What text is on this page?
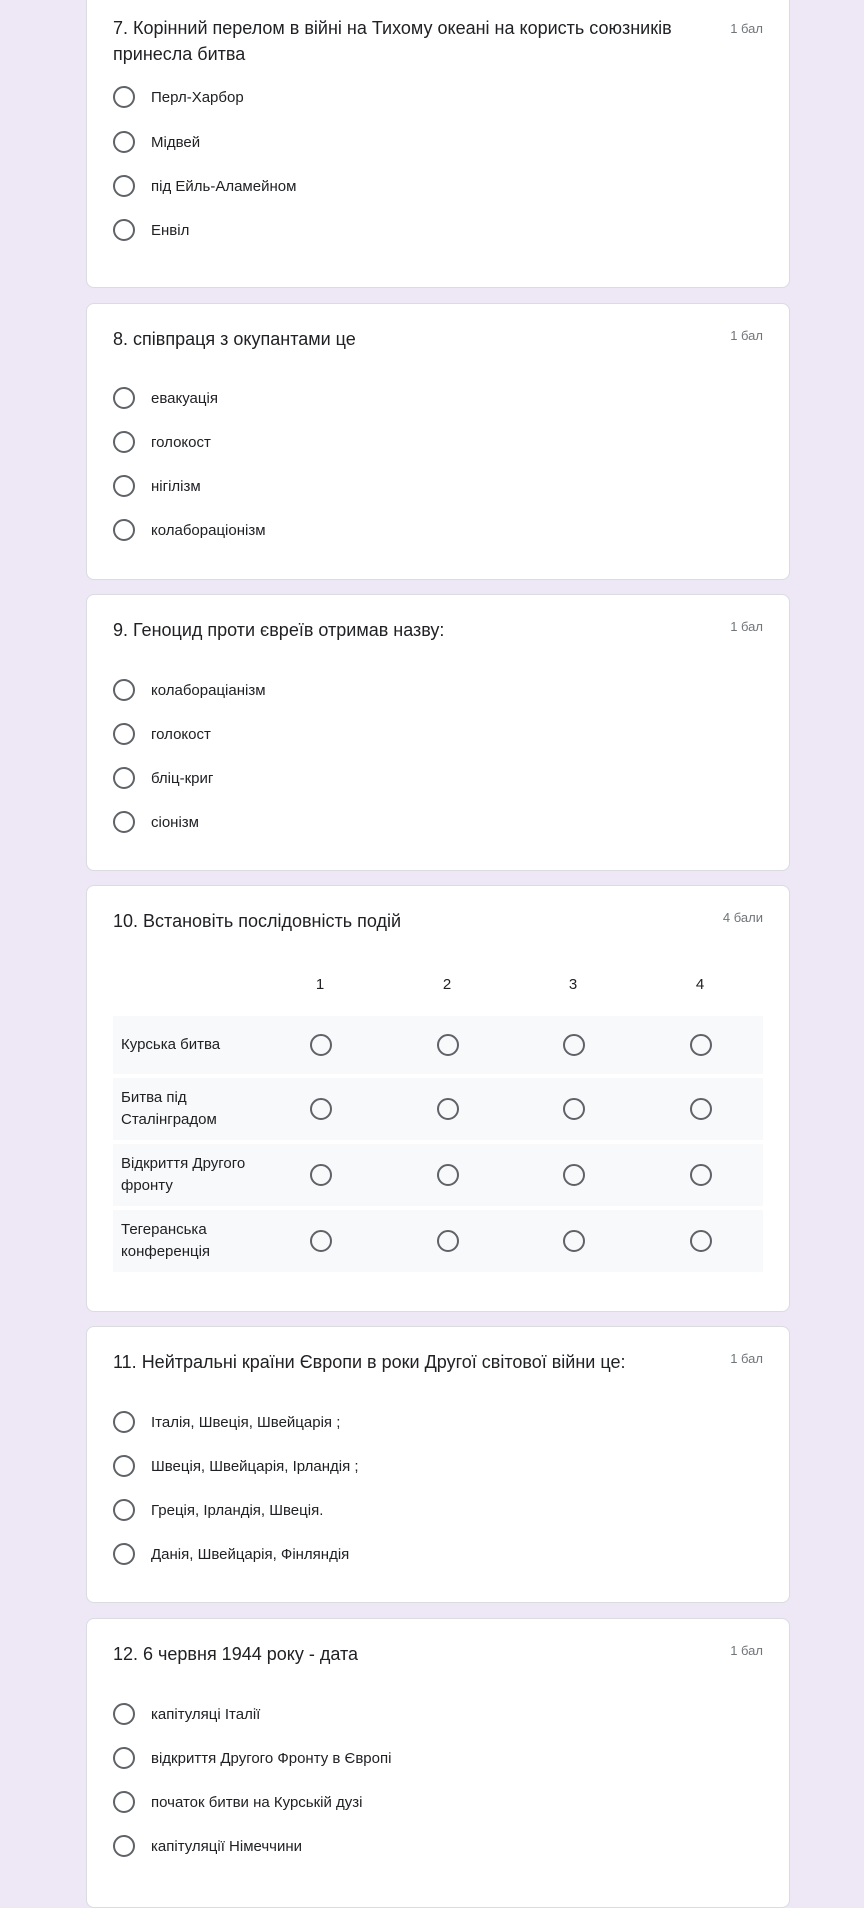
7. Корінний перелом в війні на Тихому океані на користь союзників принесла битва
1 бал
Перл-Харбор
Мідвей
під Ейль-Аламейном
Енвіл
8. співпраця з окупантами це	1 бал
евакуація
голокост
нігілізм
колабораціонізм
9. Геноцид проти євреїв отримав назву:	1 бал
колабораціанізм
голокост
бліц-криг
сіонізм
10. Встановіть послідовність подій	4 бали
1	2	3	4
Курська битва
Битва під Сталінградом
Відкриття Другого фронту
Тегеранська конференція
11. Нейтральні країни Європи в роки Другої світової війни це:	1 бал
Італія, Швеція, Швейцарія ;
Швеція, Швейцарія, Ірландія ;
Греція, Ірландія, Швеція.
Данія, Швейцарія, Фінляндія
12. 6 червня 1944 року - дата	1 бал
капітуляці Італії
відкриття Другого Фронту в Європі
початок битви на Курській дузі
капітуляції Німеччини
